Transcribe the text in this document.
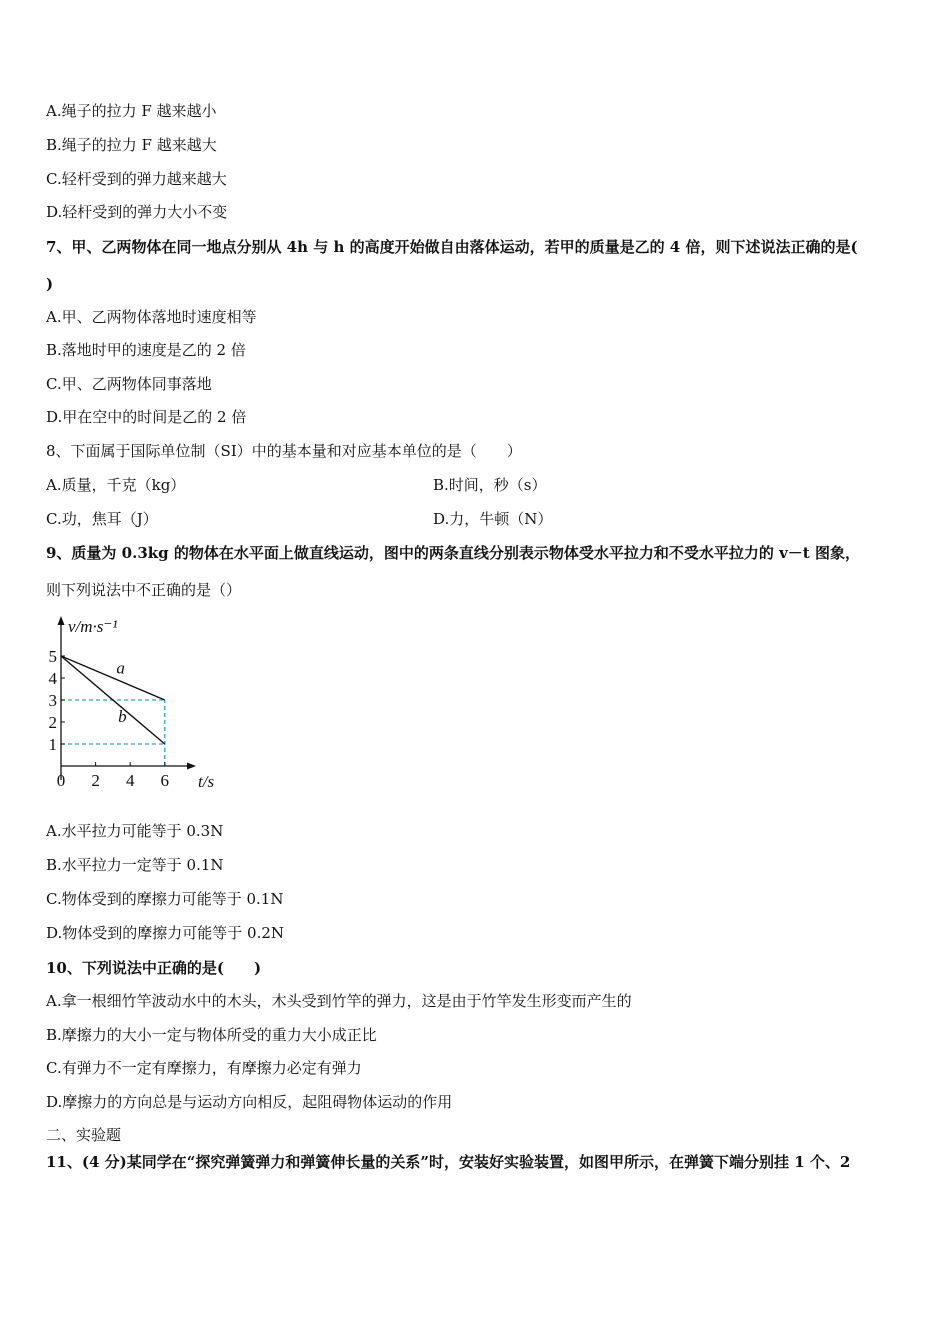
A.绳子的拉力 F 越来越小
B.绳子的拉力 F 越来越大
C.轻杆受到的弹力越来越大
D.轻杆受到的弹力大小不变
7、甲、乙两物体在同一地点分别从 4h 与 h 的高度开始做自由落体运动，若甲的质量是乙的 4 倍，则下述说法正确的是(
)
A.甲、乙两物体落地时速度相等
B.落地时甲的速度是乙的 2 倍
C.甲、乙两物体同事落地
D.甲在空中的时间是乙的 2 倍
8、下面属于国际单位制（SI）中的基本量和对应基本单位的是（　　）
A.质量，千克（kg）	B.时间，秒（s）
C.功，焦耳（J）	D.力，牛顿（N）
9、质量为 0.3kg 的物体在水平面上做直线运动，图中的两条直线分别表示物体受水平拉力和不受水平拉力的 v－t 图象，
则下列说法中不正确的是（）
a
b
0 2 4 6
1
2
3
4
5
v/m·s⁻¹
t/s
A.水平拉力可能等于 0.3N
B.水平拉力一定等于 0.1N
C.物体受到的摩擦力可能等于 0.1N
D.物体受到的摩擦力可能等于 0.2N
10、下列说法中正确的是(　　)
A.拿一根细竹竿波动水中的木头，木头受到竹竿的弹力，这是由于竹竿发生形变而产生的
B.摩擦力的大小一定与物体所受的重力大小成正比
C.有弹力不一定有摩擦力，有摩擦力必定有弹力
D.摩擦力的方向总是与运动方向相反，起阻碍物体运动的作用
二、实验题
11、(4 分)某同学在“探究弹簧弹力和弹簧伸长量的关系”时，安装好实验装置，如图甲所示，在弹簧下端分别挂 1 个、2
